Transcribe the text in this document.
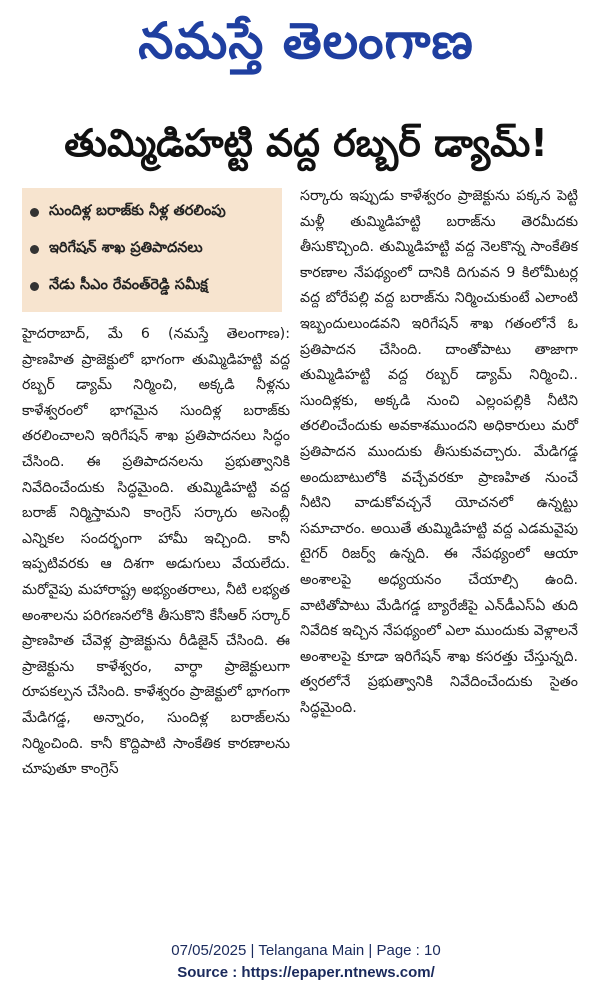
నమస్తే తెలంగాణ
తుమ్మిడిహట్టి వద్ద రబ్బర్ డ్యామ్!
సుందిళ్ల బరాజ్‌కు నీళ్ల తరలింపు
ఇరిగేషన్ శాఖ ప్రతిపాదనలు
నేడు సీఎం రేవంత్‌రెడ్డి సమీక్ష

హైదరాబాద్, మే 6 (నమస్తే తెలంగాణ): ప్రాణహిత ప్రాజెక్టులో భాగంగా తుమ్మిడిహట్టి వద్ద రబ్బర్ డ్యామ్ నిర్మించి, అక్కడి నీళ్లను కాళేశ్వరంలో భాగమైన సుందిళ్ల బరాజ్‌కు తరలించాలని ఇరిగేషన్ శాఖ ప్రతిపాదనలు సిద్ధం చేసింది. ఈ ప్రతిపాదనలను ప్రభుత్వానికి నివేదించేందుకు సిద్ధమైంది. తుమ్మిడిహట్టి వద్ద బరాజ్ నిర్మిస్తామని కాంగ్రెస్ సర్కారు అసెంబ్లీ ఎన్నికల సందర్భంగా హామీ ఇచ్చింది. కానీ ఇప్పటివరకు ఆ దిశగా అడుగులు వేయలేదు. మరోవైపు మహారాష్ట్ర అభ్యంతరాలు, నీటి లభ్యత అంశాలను పరిగణనలోకి తీసుకొని కేసీఆర్ సర్కార్ ప్రాణహిత చేవెళ్ల ప్రాజెక్టును రీడిజైన్ చేసింది. ఈ ప్రాజెక్టును కాళేశ్వరం, వార్ధా ప్రాజెక్టులుగా రూపకల్పన చేసింది. కాళేశ్వరం ప్రాజెక్టులో భాగంగా మేడిగడ్డ, అన్నారం, సుందిళ్ల బరాజ్‌లను నిర్మించింది. కానీ కొద్దిపాటి సాంకేతిక కారణాలను చూపుతూ కాంగ్రెస్

సర్కారు ఇప్పుడు కాళేశ్వరం ప్రాజెక్టును పక్కన పెట్టి మళ్లీ తుమ్మిడిహట్టి బరాజ్‌ను తెరమీదకు తీసుకొచ్చింది. తుమ్మిడిహట్టి వద్ద నెలకొన్న సాంకేతిక కారణాల నేపథ్యంలో దానికి దిగువన 9 కిలోమీటర్ల వద్ద బోరేపల్లి వద్ద బరాజ్‌ను నిర్మించుకుంటే ఎలాంటి ఇబ్బందులుండవని ఇరిగేషన్ శాఖ గతంలోనే ఓ ప్రతిపాదన చేసింది. దాంతోపాటు తాజాగా తుమ్మిడిహట్టి వద్ద రబ్బర్ డ్యామ్ నిర్మించి.. సుందిళ్లకు, అక్కడి నుంచి ఎల్లంపల్లికి నీటిని తరలించేందుకు అవకాశముందని అధికారులు మరో ప్రతిపాదన ముందుకు తీసుకువచ్చారు. మేడిగడ్డ అందుబాటులోకి వచ్చేవరకూ ప్రాణహిత నుంచే నీటిని వాడుకోవచ్చనే యోచనలో ఉన్నట్టు సమాచారం. అయితే తుమ్మిడిహట్టి వద్ద ఎడమవైపు టైగర్ రిజర్వ్ ఉన్నది. ఈ నేపథ్యంలో ఆయా అంశాలపై అధ్యయనం చేయాల్సి ఉంది. వాటితోపాటు మేడిగడ్డ బ్యారేజీపై ఎన్‌డీఎస్‌ఏ తుది నివేదిక ఇచ్చిన నేపథ్యంలో ఎలా ముందుకు వెళ్లాలనే అంశాలపై కూడా ఇరిగేషన్ శాఖ కసరత్తు చేస్తున్నది. త్వరలోనే ప్రభుత్వానికి నివేదించేందుకు సైతం సిద్ధమైంది.

07/05/2025 | Telangana Main | Page : 10
Source : https://epaper.ntnews.com/
